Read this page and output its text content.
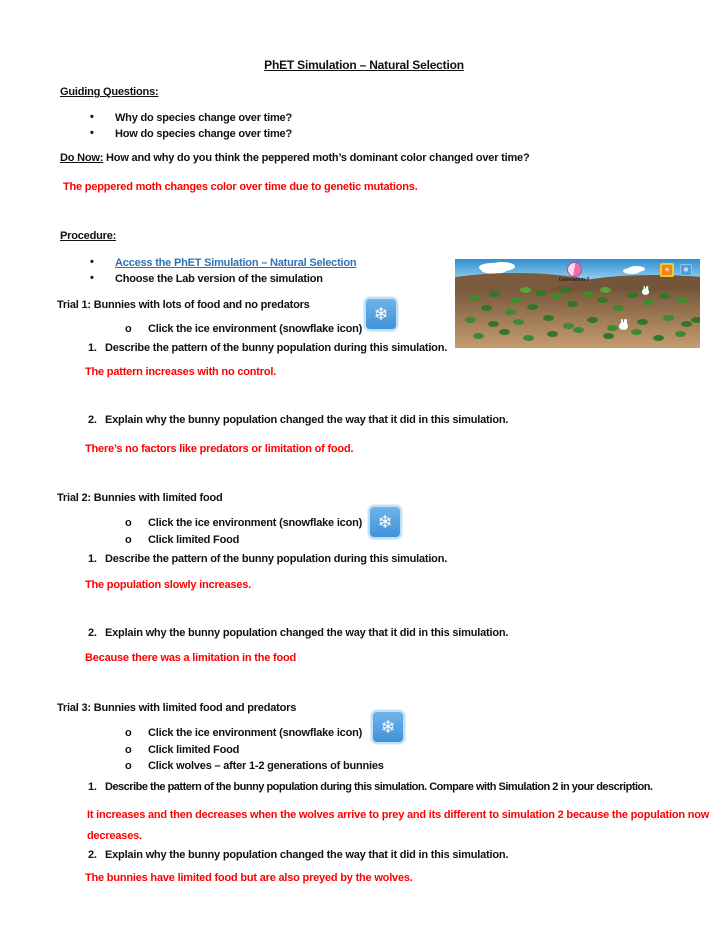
PhET Simulation – Natural Selection
Guiding Questions:
• Why do species change over time?
• How do species change over time?
Do Now: How and why do you think the peppered moth’s dominant color changed over time?
The peppered moth changes color over time due to genetic mutations.
Procedure:
• Access the PhET Simulation – Natural Selection
• Choose the Lab version of the simulation
Trial 1: Bunnies with lots of food and no predators	❄
o Click the ice environment (snowflake icon)
1. Describe the pattern of the bunny population during this simulation.
The pattern increases with no control.
2. Explain why the bunny population changed the way that it did in this simulation.
There’s no factors like predators or limitation of food.
Trial 2: Bunnies with limited food
❄
o Click the ice environment (snowflake icon)
o Click limited Food
1. Describe the pattern of the bunny population during this simulation.
The population slowly increases.
2. Explain why the bunny population changed the way that it did in this simulation.
Because there was a limitation in the food
Trial 3: Bunnies with limited food and predators
❄
o Click the ice environment (snowflake icon)
o Click limited Food
o Click wolves – after 1-2 generations of bunnies
1. Describe the pattern of the bunny population during this simulation. Compare with Simulation 2 in your description.
It increases and then decreases when the wolves arrive to prey and its different to simulation 2 because the population now decreases.
2. Explain why the bunny population changed the way that it did in this simulation.
The bunnies have limited food but are also preyed by the wolves.
Generation 0
☀ ❄
